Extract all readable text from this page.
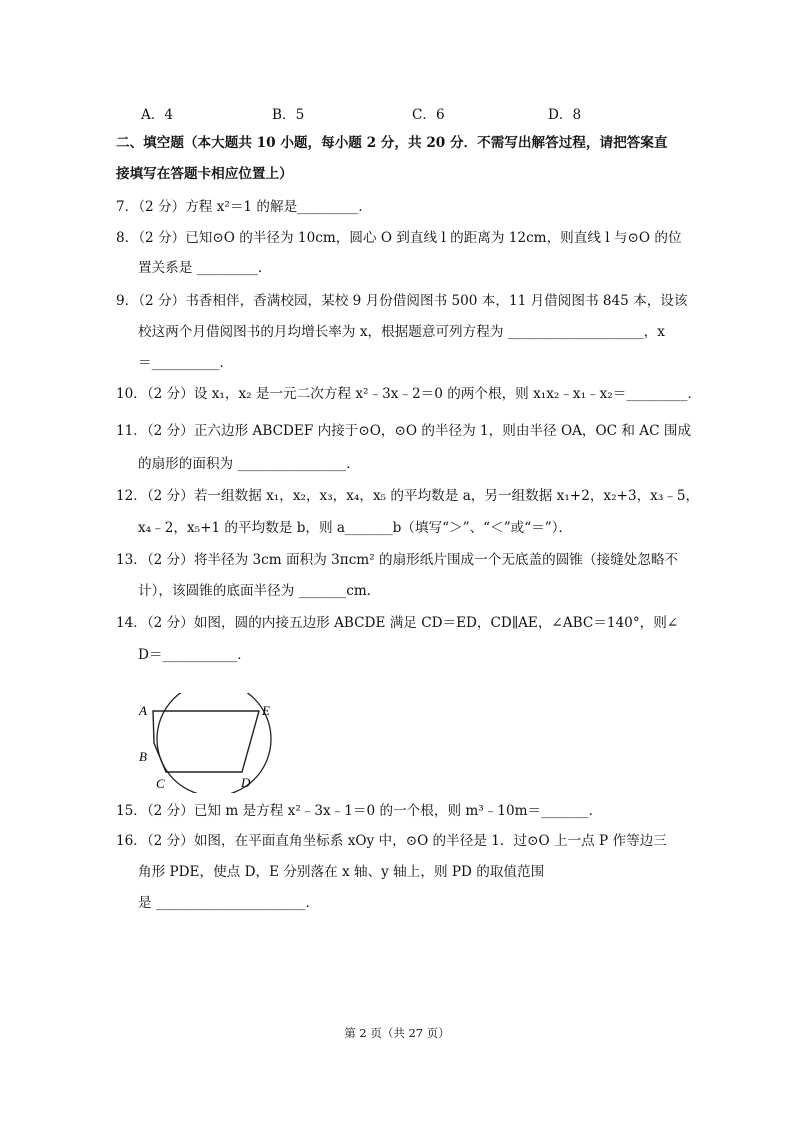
A．4	B．5	C．6	D．8
二、填空题（本大题共 10 小题，每小题 2 分，共 20 分．不需写出解答过程，请把答案直
接填写在答题卡相应位置上）
7．（2 分）方程 x²＝1 的解是_________．
8．（2 分）已知⊙O 的半径为 10cm，圆心 O 到直线 l 的距离为 12cm，则直线 l 与⊙O 的位
置关系是 _________．
9．（2 分）书香相伴，香满校园，某校 9 月份借阅图书 500 本，11 月借阅图书 845 本，设该
校这两个月借阅图书的月均增长率为 x，根据题意可列方程为 ____________________，x
＝__________．
10．（2 分）设 x₁，x₂ 是一元二次方程 x²﹣3x﹣2＝0 的两个根，则 x₁x₂﹣x₁﹣x₂＝_________．
11．（2 分）正六边形 ABCDEF 内接于⊙O，⊙O 的半径为 1，则由半径 OA，OC 和 AC 围成
的扇形的面积为 ________________．
12．（2 分）若一组数据 x₁，x₂，x₃，x₄，x₅ 的平均数是 a，另一组数据 x₁+2，x₂+3，x₃﹣5，
x₄﹣2，x₅+1 的平均数是 b，则 a_______b（填写“＞”、“＜”或“＝”）．
13．（2 分）将半径为 3cm 面积为 3πcm² 的扇形纸片围成一个无底盖的圆锥（接缝处忽略不
计），该圆锥的底面半径为 _______cm．
14．（2 分）如图，圆的内接五边形 ABCDE 满足 CD＝ED，CD∥AE，∠ABC＝140°，则∠
D＝___________．
A	E
B
C	D
15．（2 分）已知 m 是方程 x²﹣3x﹣1＝0 的一个根，则 m³﹣10m＝_______．
16．（2 分）如图，在平面直角坐标系 xOy 中，⊙O 的半径是 1．过⊙O 上一点 P 作等边三
角形 PDE，使点 D，E 分别落在 x 轴、y 轴上，则 PD 的取值范围
是 ______________________．
第 2 页（共 27 页）
